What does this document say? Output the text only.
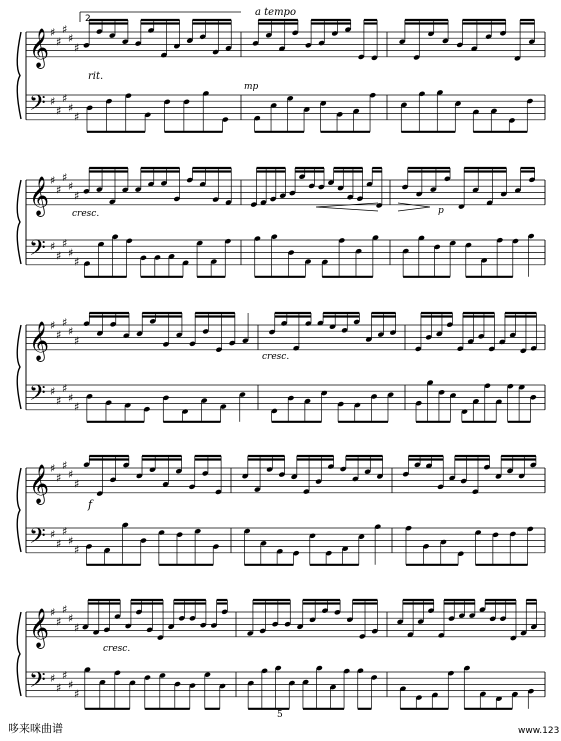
𝄞 ♯
♯
♯
♯
♯
𝄢 ♯
♯
♯
♯
♯
𝄞 ♯
♯
♯
♯
♯
𝄢 ♯
♯
♯
♯
♯
𝄞 ♯
♯
♯
♯
♯
𝄢 ♯
♯
♯
♯
♯
𝄞 ♯
♯
♯
♯
♯
𝄢 ♯
♯
♯
♯
♯
𝄞 ♯
♯
♯
♯
♯
𝄢 ♯
♯
♯
♯
♯
2.
a tempo
rit.
mp
cresc.	p
cresc.
f
cresc.
5
哆来咪曲谱	www.123
